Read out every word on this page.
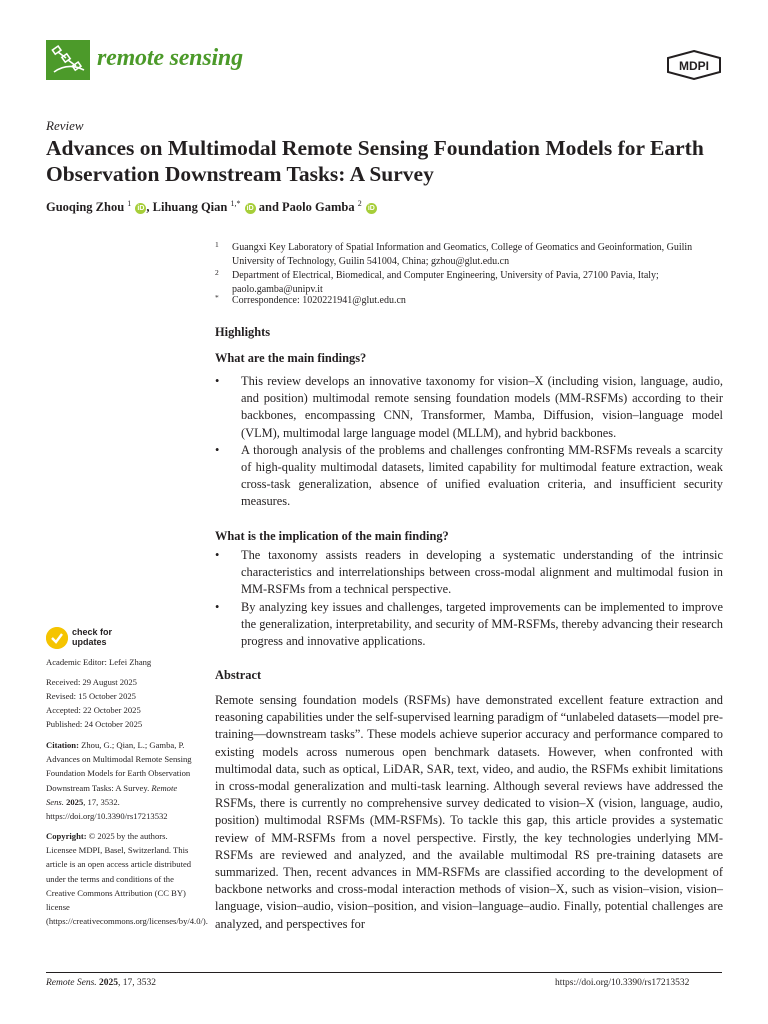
remote sensing	MDPI
Review
Advances on Multimodal Remote Sensing Foundation Models for Earth Observation Downstream Tasks: A Survey
Guoqing Zhou $^1$ iD , Lihuang Qian $^{1,*}$ iD and Paolo Gamba $^2$ iD
1 Guangxi Key Laboratory of Spatial Information and Geomatics, College of Geomatics and Geoinformation, Guilin University of Technology, Guilin 541004, China; gzhou@glut.edu.cn
2 Department of Electrical, Biomedical, and Computer Engineering, University of Pavia, 27100 Pavia, Italy; paolo.gamba@unipv.it
* Correspondence: 1020221941@glut.edu.cn
Highlights
What are the main findings?
• This review develops an innovative taxonomy for vision–X (including vision, language, audio, and position) multimodal remote sensing foundation models (MM-RSFMs) according to their backbones, encompassing CNN, Transformer, Mamba, Diffusion, vision–language model (VLM), multimodal large language model (MLLM), and hybrid backbones.
• A thorough analysis of the problems and challenges confronting MM-RSFMs reveals a scarcity of high-quality multimodal datasets, limited capability for multimodal feature extraction, weak cross-task generalization, absence of unified evaluation criteria, and insufficient security measures.
What is the implication of the main finding?
• The taxonomy assists readers in developing a systematic understanding of the intrinsic characteristics and interrelationships between cross-modal alignment and multimodal fusion in MM-RSFMs from a technical perspective.
• By analyzing key issues and challenges, targeted improvements can be implemented to improve the generalization, interpretability, and security of MM-RSFMs, thereby advancing their research progress and innovative applications.
Abstract
Remote sensing foundation models (RSFMs) have demonstrated excellent feature extraction and reasoning capabilities under the self-supervised learning paradigm of “unlabeled datasets—model pre-training—downstream tasks”. These models achieve superior accuracy and performance compared to existing models across numerous open benchmark datasets. However, when confronted with multimodal data, such as optical, LiDAR, SAR, text, video, and audio, the RSFMs exhibit limitations in cross-modal generalization and multi-task learning. Although several reviews have addressed the RSFMs, there is currently no comprehensive survey dedicated to vision–X (vision, language, audio, position) multimodal RSFMs (MM-RSFMs). To tackle this gap, this article provides a systematic review of MM-RSFMs from a novel perspective. Firstly, the key technologies underlying MM-RSFMs are reviewed and analyzed, and the available multimodal RS pre-training datasets are summarized. Then, recent advances in MM-RSFMs are classified according to the development of backbone networks and cross-modal interaction methods of vision–X, such as vision–vision, vision–language, vision–audio, vision–position, and vision–language–audio. Finally, potential challenges are analyzed, and perspectives for
check for
updates
Academic Editor: Lefei Zhang
Received: 29 August 2025
Revised: 15 October 2025
Accepted: 22 October 2025
Published: 24 October 2025
Citation: Zhou, G.; Qian, L.; Gamba, P. Advances on Multimodal Remote Sensing Foundation Models for Earth Observation Downstream Tasks: A Survey. Remote Sens. 2025, 17, 3532. https://doi.org/10.3390/rs17213532
Copyright: © 2025 by the authors. Licensee MDPI, Basel, Switzerland. This article is an open access article distributed under the terms and conditions of the Creative Commons Attribution (CC BY) license (https://creativecommons.org/licenses/by/4.0/).
Remote Sens. 2025, 17, 3532	https://doi.org/10.3390/rs17213532
